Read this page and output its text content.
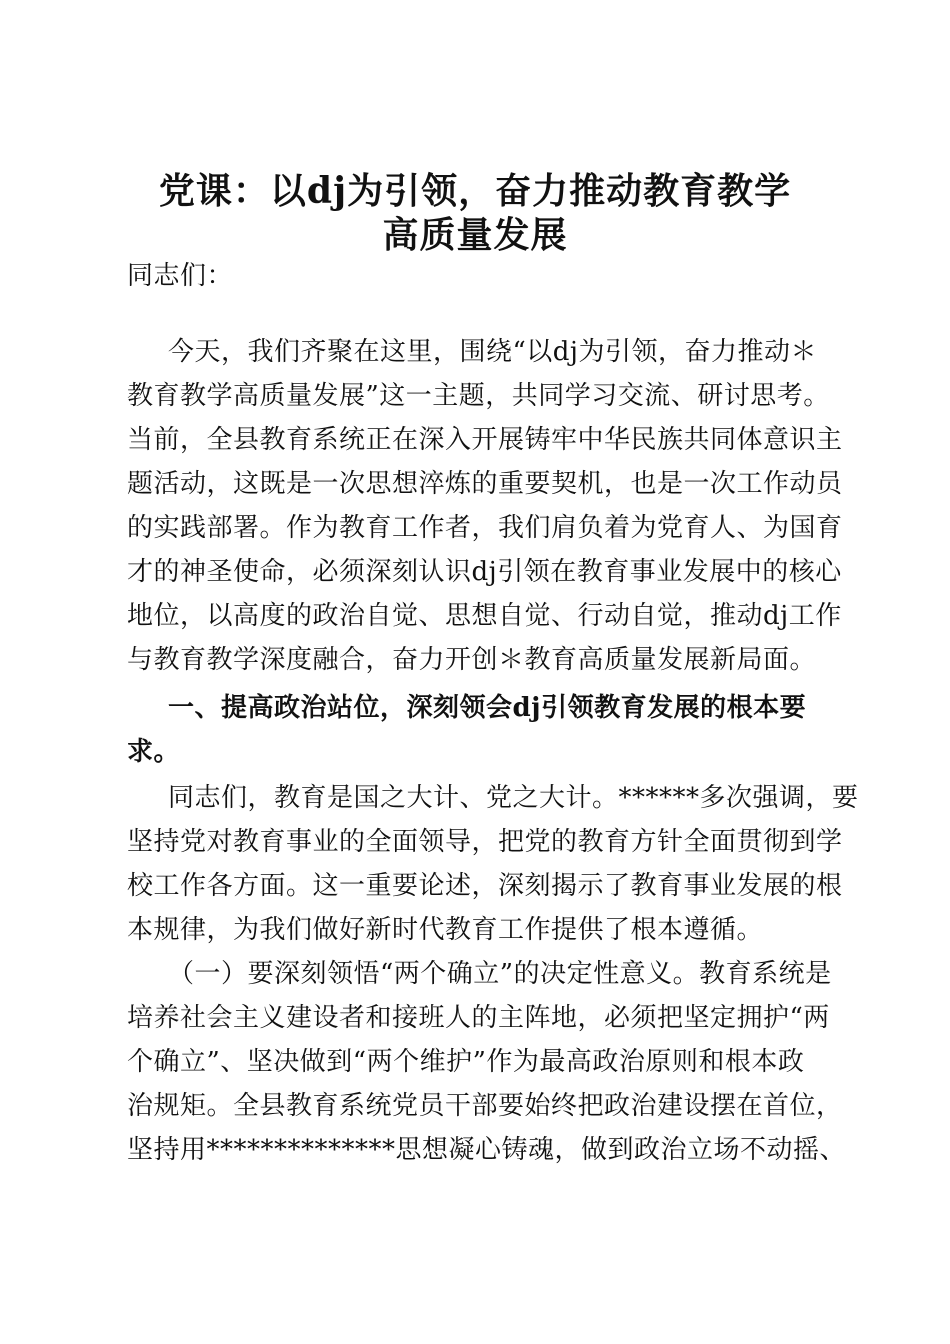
党课：以dj为引领，奋力推动教育教学
高质量发展
同志们：
今天，我们齐聚在这里，围绕“以dj为引领，奋力推动＊
教育教学高质量发展”这一主题，共同学习交流、研讨思考。
当前，全县教育系统正在深入开展铸牢中华民族共同体意识主
题活动，这既是一次思想淬炼的重要契机，也是一次工作动员
的实践部署。作为教育工作者，我们肩负着为党育人、为国育
才的神圣使命，必须深刻认识dj引领在教育事业发展中的核心
地位，以高度的政治自觉、思想自觉、行动自觉，推动dj工作
与教育教学深度融合，奋力开创＊教育高质量发展新局面。
一、提高政治站位，深刻领会dj引领教育发展的根本要
求。
同志们，教育是国之大计、党之大计。******多次强调，要
坚持党对教育事业的全面领导，把党的教育方针全面贯彻到学
校工作各方面。这一重要论述，深刻揭示了教育事业发展的根
本规律，为我们做好新时代教育工作提供了根本遵循。
（一）要深刻领悟“两个确立”的决定性意义。教育系统是
培养社会主义建设者和接班人的主阵地，必须把坚定拥护“两
个确立”、坚决做到“两个维护”作为最高政治原则和根本政
治规矩。全县教育系统党员干部要始终把政治建设摆在首位，
坚持用**************思想凝心铸魂，做到政治立场不动摇、
